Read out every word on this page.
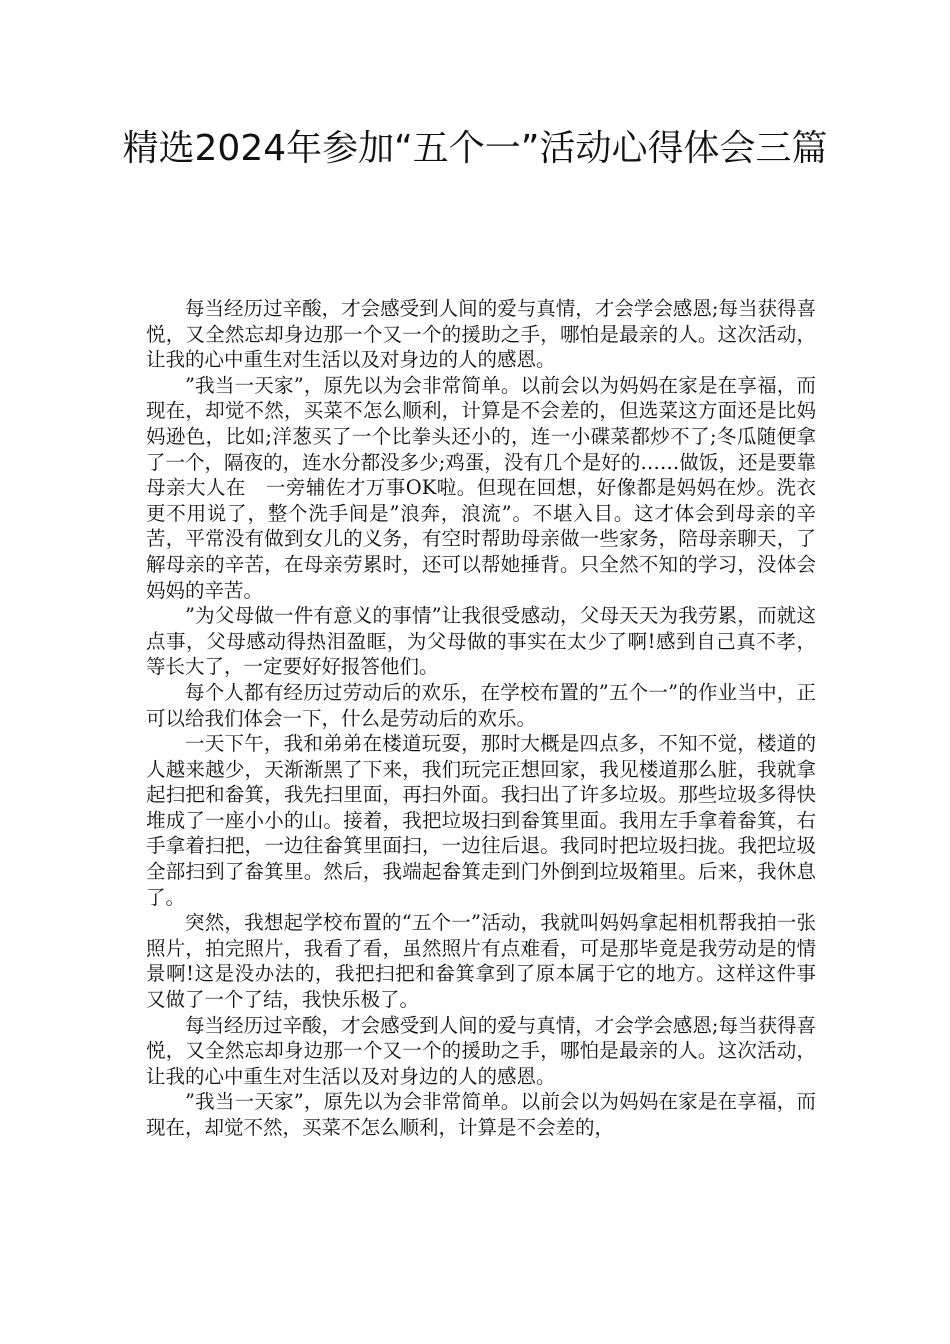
精选2024年参加“五个一”活动心得体会三篇

每当经历过辛酸，才会感受到人间的爱与真情，才会学会感恩;每当获得喜悦，又全然忘却身边那一个又一个的援助之手，哪怕是最亲的人。这次活动，让我的心中重生对生活以及对身边的人的感恩。

”我当一天家”，原先以为会非常简单。以前会以为妈妈在家是在享福，而现在，却觉不然，买菜不怎么顺利，计算是不会差的，但选菜这方面还是比妈妈逊色，比如;洋葱买了一个比拳头还小的，连一小碟菜都炒不了;冬瓜随便拿了一个，隔夜的，连水分都没多少;鸡蛋，没有几个是好的……做饭，还是要靠母亲大人在　一旁辅佐才万事OK啦。但现在回想，好像都是妈妈在炒。洗衣更不用说了，整个洗手间是”浪奔，浪流”。不堪入目。这才体会到母亲的辛苦，平常没有做到女儿的义务，有空时帮助母亲做一些家务，陪母亲聊天，了解母亲的辛苦，在母亲劳累时，还可以帮她捶背。只全然不知的学习，没体会妈妈的辛苦。

”为父母做一件有意义的事情”让我很受感动，父母天天为我劳累，而就这点事，父母感动得热泪盈眶，为父母做的事实在太少了啊!感到自己真不孝，等长大了，一定要好好报答他们。

每个人都有经历过劳动后的欢乐，在学校布置的”五个一”的作业当中，正可以给我们体会一下，什么是劳动后的欢乐。

一天下午，我和弟弟在楼道玩耍，那时大概是四点多，不知不觉，楼道的人越来越少，天渐渐黑了下来，我们玩完正想回家，我见楼道那么脏，我就拿起扫把和畚箕，我先扫里面，再扫外面。我扫出了许多垃圾。那些垃圾多得快堆成了一座小小的山。接着，我把垃圾扫到畚箕里面。我用左手拿着畚箕，右手拿着扫把，一边往畚箕里面扫，一边往后退。我同时把垃圾扫拢。我把垃圾全部扫到了畚箕里。然后，我端起畚箕走到门外倒到垃圾箱里。后来，我休息了。

突然，我想起学校布置的“五个一”活动，我就叫妈妈拿起相机帮我拍一张照片，拍完照片，我看了看，虽然照片有点难看，可是那毕竟是我劳动是的情景啊!这是没办法的，我把扫把和畚箕拿到了原本属于它的地方。这样这件事又做了一个了结，我快乐极了。

每当经历过辛酸，才会感受到人间的爱与真情，才会学会感恩;每当获得喜悦，又全然忘却身边那一个又一个的援助之手，哪怕是最亲的人。这次活动，让我的心中重生对生活以及对身边的人的感恩。

”我当一天家”，原先以为会非常简单。以前会以为妈妈在家是在享福，而现在，却觉不然，买菜不怎么顺利，计算是不会差的，
